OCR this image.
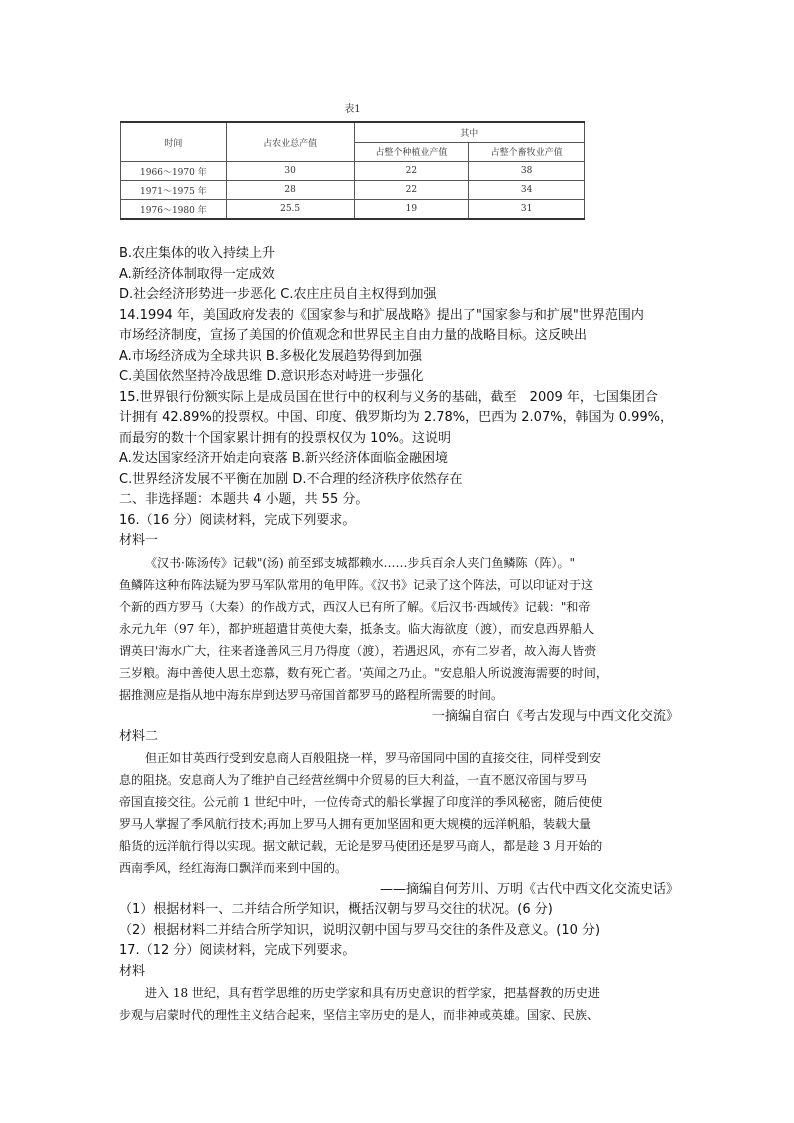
表1
时间	占农业总产值	其中	
		占整个种植业产值	占整个畜牧业产值
1966～1970 年	30	22	38
1971～1975 年	28	22	34
1976～1980 年	25.5	19	31
B.农庄集体的收入持续上升
A.新经济体制取得一定成效
D.社会经济形势进一步恶化 C.农庄庄员自主权得到加强
14.1994 年，美国政府发表的《国家参与和扩展战略》提出了"国家参与和扩展"世界范围内
市场经济制度，宣扬了美国的价值观念和世界民主自由力量的战略目标。这反映出
A.市场经济成为全球共识 B.多极化发展趋势得到加强
C.美国依然坚持冷战思维 D.意识形态对峙进一步强化
15.世界银行份额实际上是成员国在世行中的权利与义务的基础，截至　2009 年，七国集团合
计拥有 42.89%的投票权。中国、印度、俄罗斯均为 2.78%，巴西为 2.07%，韩国为 0.99%，
而最穷的数十个国家累计拥有的投票权仅为 10%。这说明
A.发达国家经济开始走向衰落 B.新兴经济体面临金融困境
C.世界经济发展不平衡在加剧 D.不合理的经济秩序依然存在
二、非选择题：本题共 4 小题，共 55 分。
16.（16 分）阅读材料，完成下列要求。
材料一
《汉书·陈汤传》记载"(汤) 前至郅支城都赖水……步兵百余人夹门鱼鳞陈（阵）。"
鱼鳞阵这种布阵法疑为罗马军队常用的龟甲阵。《汉书》记录了这个阵法，可以印证对于这
个新的西方罗马（大秦）的作战方式，西汉人已有所了解。《后汉书·西域传》记载："和帝
永元九年（97 年），都护班超遣甘英使大秦，抵条支。临大海欲度（渡），而安息西界船人
谓英曰'海水广大，往来者逢善风三月乃得度（渡），若遇迟风，亦有二岁者，故入海人皆赍
三岁粮。海中善使人思土恋慕，数有死亡者。'英闻之乃止。"安息船人所说渡海需要的时间，
据推测应是指从地中海东岸到达罗马帝国首都罗马的路程所需要的时间。
一摘编自宿白《考古发现与中西文化交流》
材料二
但正如甘英西行受到安息商人百般阻挠一样，罗马帝国同中国的直接交往，同样受到安
息的阻挠。安息商人为了维护自己经营丝绸中介贸易的巨大利益，一直不愿汉帝国与罗马
帝国直接交往。公元前 1 世纪中叶，一位传奇式的船长掌握了印度洋的季风秘密，随后使使
罗马人掌握了季风航行技术;再加上罗马人拥有更加坚固和更大规模的远洋帆船，装载大量
船货的远洋航行得以实现。据文献记载，无论是罗马使团还是罗马商人，都是趁 3 月开始的
西南季风，经红海海口飘洋而来到中国的。
——摘编自何芳川、万明《古代中西文化交流史话》
（1）根据材料一、二并结合所学知识，概括汉朝与罗马交往的状况。(6 分)
（2）根据材料二并结合所学知识，说明汉朝中国与罗马交往的条件及意义。(10 分)
17.（12 分）阅读材料，完成下列要求。
材料
进入 18 世纪，具有哲学思维的历史学家和具有历史意识的哲学家，把基督教的历史进
步观与启蒙时代的理性主义结合起来，坚信主宰历史的是人，而非神或英雄。国家、民族、
